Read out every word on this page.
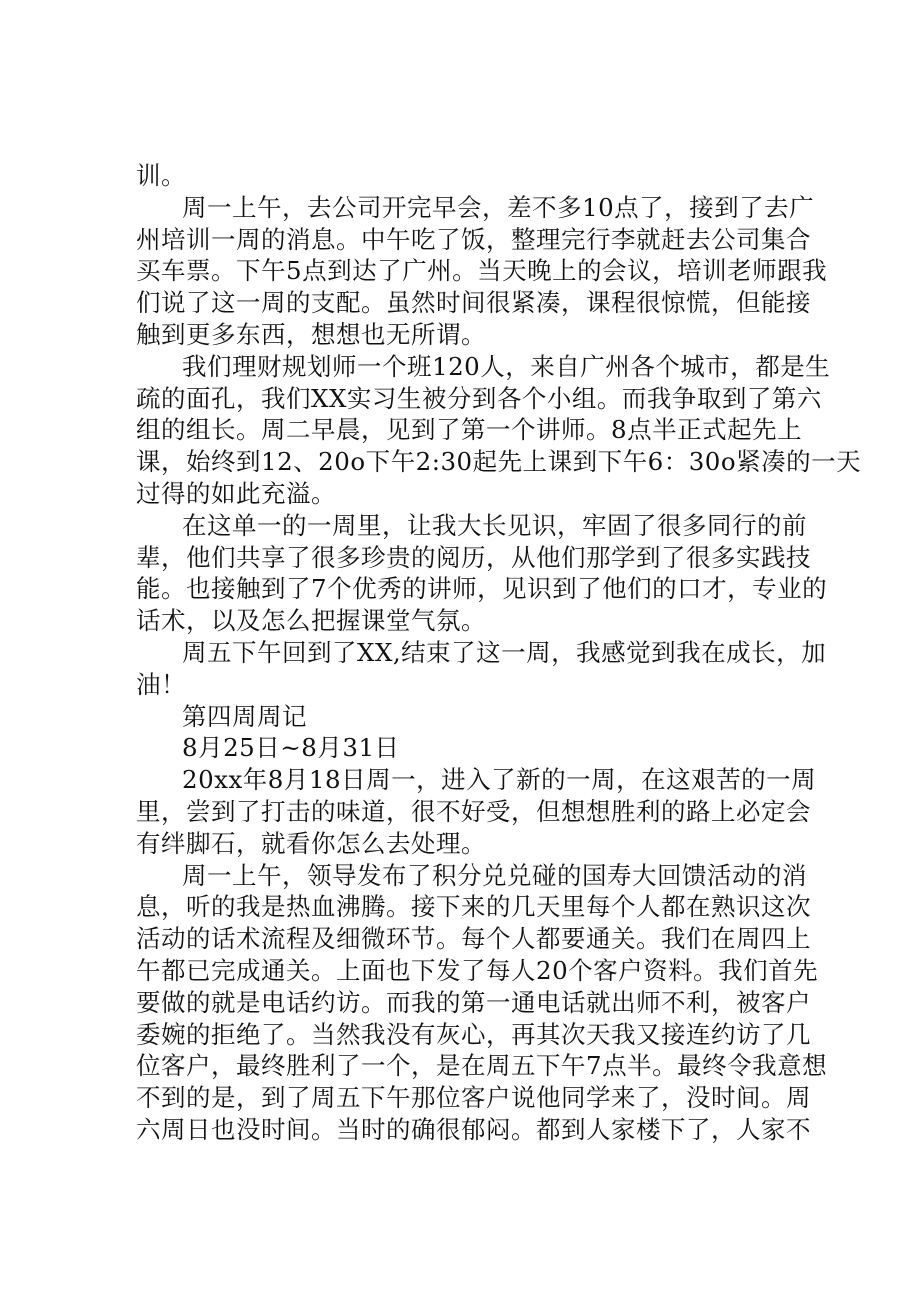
训。
周一上午，去公司开完早会，差不多10点了，接到了去广
州培训一周的消息。中午吃了饭，整理完行李就赶去公司集合
买车票。下午5点到达了广州。当天晚上的会议，培训老师跟我
们说了这一周的支配。虽然时间很紧凑，课程很惊慌，但能接
触到更多东西，想想也无所谓。
我们理财规划师一个班120人，来自广州各个城市，都是生
疏的面孔，我们XX实习生被分到各个小组。而我争取到了第六
组的组长。周二早晨，见到了第一个讲师。8点半正式起先上
课，始终到12、20o下午2:30起先上课到下午6：30o紧凑的一天
过得的如此充溢。
在这单一的一周里，让我大长见识，牢固了很多同行的前
辈，他们共享了很多珍贵的阅历，从他们那学到了很多实践技
能。也接触到了7个优秀的讲师，见识到了他们的口才，专业的
话术，以及怎么把握课堂气氛。
周五下午回到了XX,结束了这一周，我感觉到我在成长，加
油！
第四周周记
8月25日~8月31日
20xx年8月18日周一，进入了新的一周，在这艰苦的一周
里，尝到了打击的味道，很不好受，但想想胜利的路上必定会
有绊脚石，就看你怎么去处理。
周一上午，领导发布了积分兑兑碰的国寿大回馈活动的消
息，听的我是热血沸腾。接下来的几天里每个人都在熟识这次
活动的话术流程及细微环节。每个人都要通关。我们在周四上
午都已完成通关。上面也下发了每人20个客户资料。我们首先
要做的就是电话约访。而我的第一通电话就出师不利，被客户
委婉的拒绝了。当然我没有灰心，再其次天我又接连约访了几
位客户，最终胜利了一个，是在周五下午7点半。最终令我意想
不到的是，到了周五下午那位客户说他同学来了，没时间。周
六周日也没时间。当时的确很郁闷。都到人家楼下了，人家不
